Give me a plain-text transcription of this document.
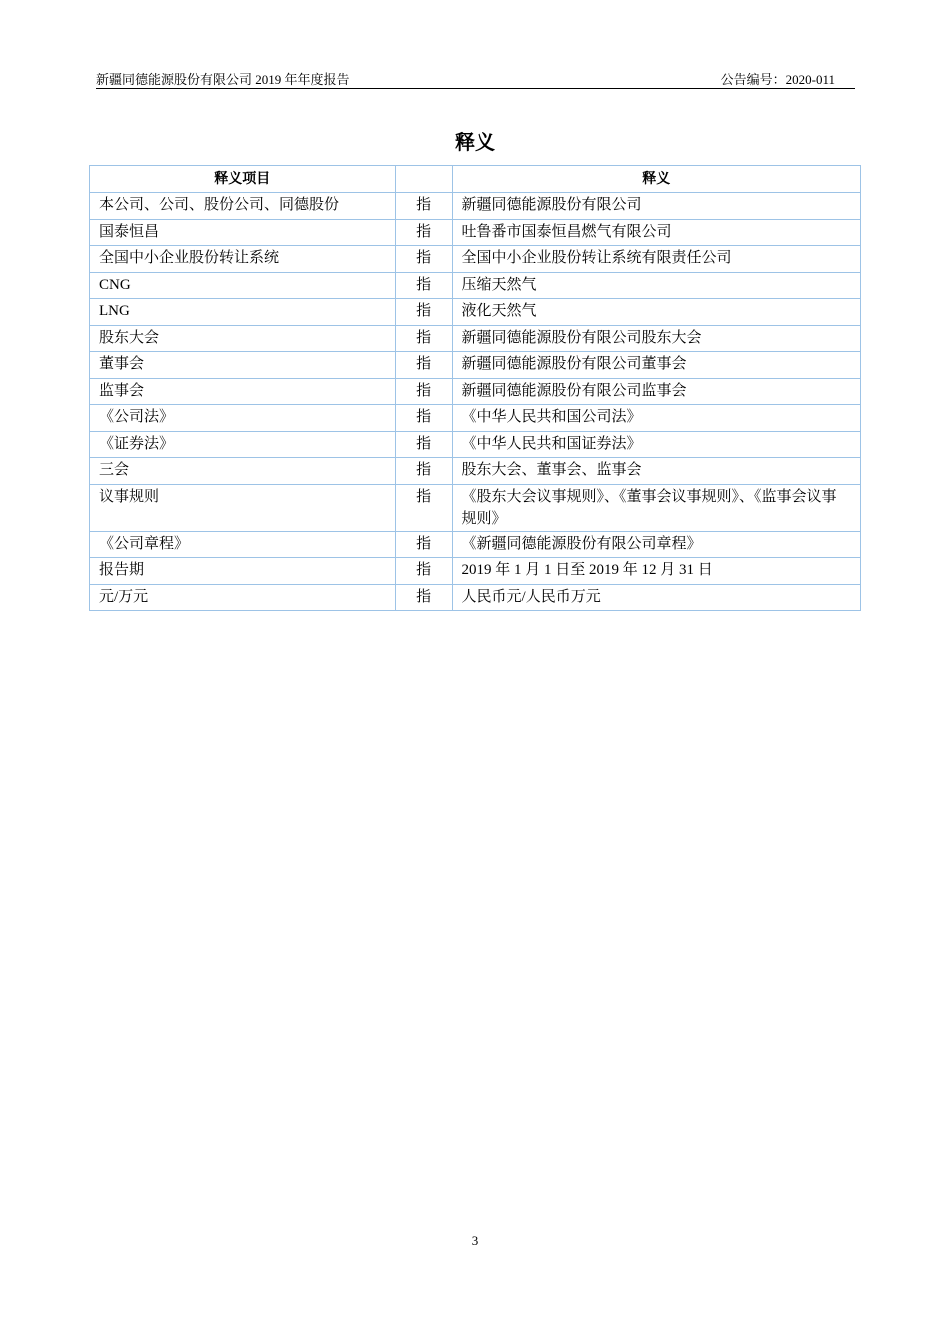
新疆同德能源股份有限公司 2019 年年度报告	公告编号：2020-011
释义
释义项目		释义
本公司、公司、股份公司、同德股份	指	新疆同德能源股份有限公司
国泰恒昌	指	吐鲁番市国泰恒昌燃气有限公司
全国中小企业股份转让系统	指	全国中小企业股份转让系统有限责任公司
CNG	指	压缩天然气
LNG	指	液化天然气
股东大会	指	新疆同德能源股份有限公司股东大会
董事会	指	新疆同德能源股份有限公司董事会
监事会	指	新疆同德能源股份有限公司监事会
《公司法》	指	《中华人民共和国公司法》
《证券法》	指	《中华人民共和国证券法》
三会	指	股东大会、董事会、监事会
议事规则	指	《股东大会议事规则》、《董事会议事规则》、《监事会议事规则》
《公司章程》	指	《新疆同德能源股份有限公司章程》
报告期	指	2019 年 1 月 1 日至 2019 年 12 月 31 日
元/万元	指	人民币元/人民币万元
3
